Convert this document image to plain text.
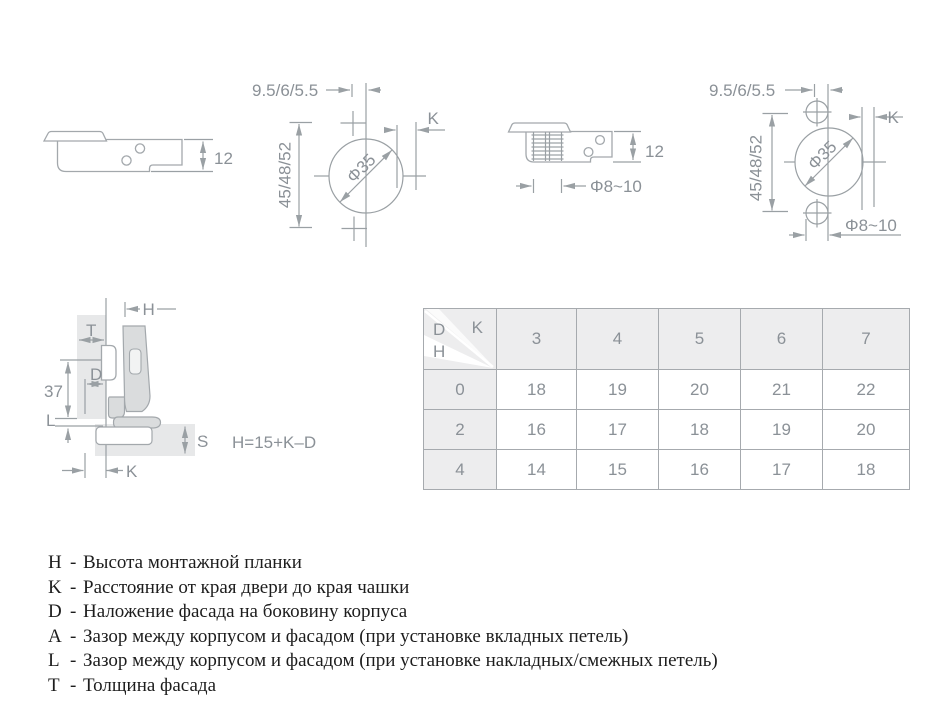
12
9.5/6/5.5
Φ35
45/48/52
K
12
Φ8~10
9.5/6/5.5
Φ35
45/48/52
K
Φ8~10
H
T
37
D
L
S
K
H=15+K–D
D K
H	3	4	5	6	7
0	18	19	20	21	22
2	16	17	18	19	20
4	14	15	16	17	18
H - Высота монтажной планки
K - Расстояние от края двери до края чашки
D - Наложение фасада на боковину корпуса
A - Зазор между корпусом и фасадом (при установке вкладных петель)
L - Зазор между корпусом и фасадом (при установке накладных/смежных петель)
T - Толщина фасада
